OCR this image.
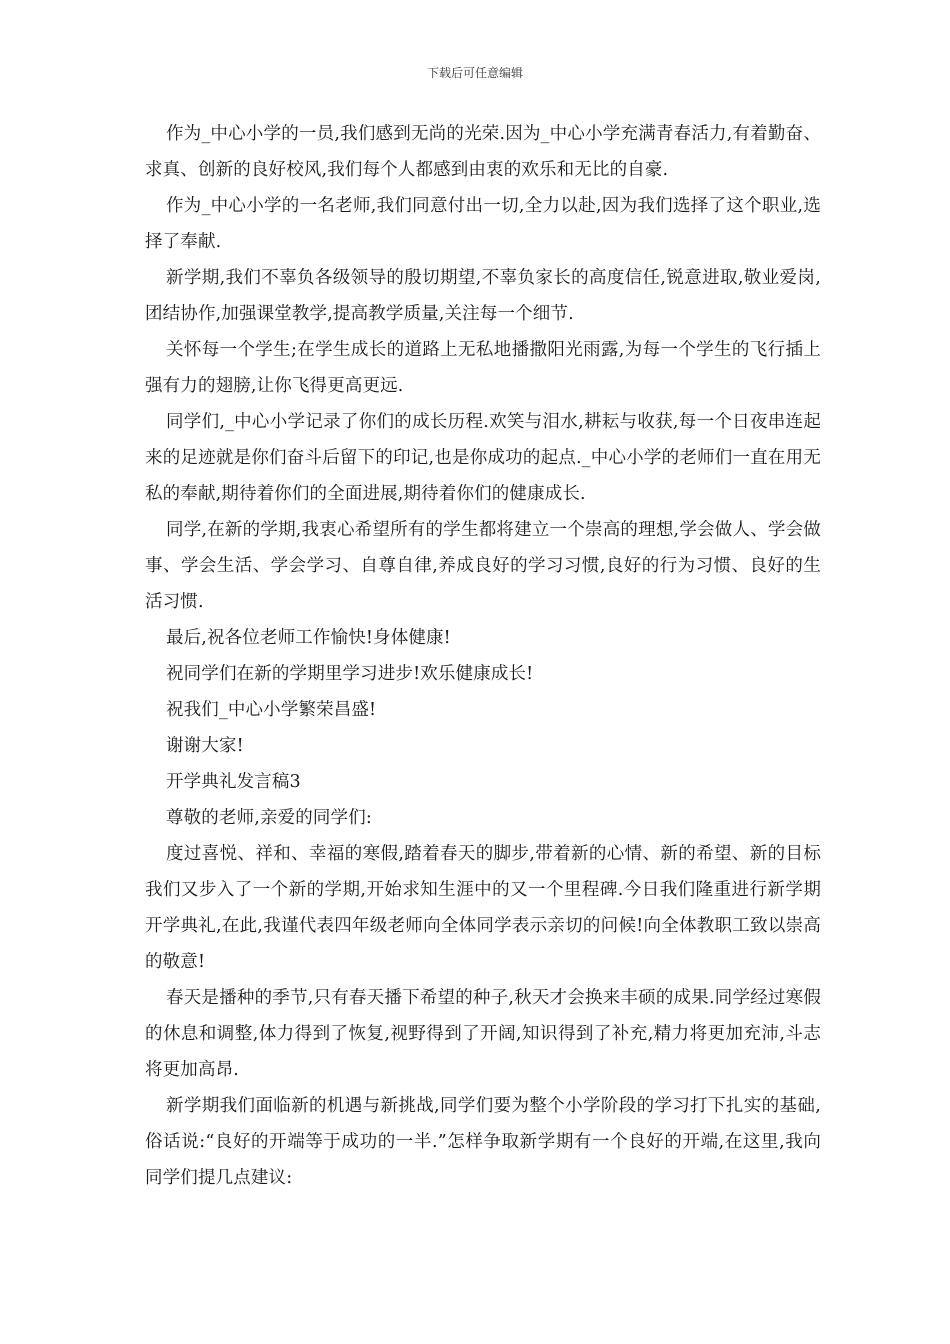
下载后可任意编辑

作为_中心小学的一员,我们感到无尚的光荣.因为_中心小学充满青春活力,有着勤奋、求真、创新的良好校风,我们每个人都感到由衷的欢乐和无比的自豪.

作为_中心小学的一名老师,我们同意付出一切,全力以赴,因为我们选择了这个职业,选择了奉献.

新学期,我们不辜负各级领导的殷切期望,不辜负家长的高度信任,锐意进取,敬业爱岗,团结协作,加强课堂教学,提高教学质量,关注每一个细节.

关怀每一个学生;在学生成长的道路上无私地播撒阳光雨露,为每一个学生的飞行插上强有力的翅膀,让你飞得更高更远.

同学们,_中心小学记录了你们的成长历程.欢笑与泪水,耕耘与收获,每一个日夜串连起来的足迹就是你们奋斗后留下的印记,也是你成功的起点._中心小学的老师们一直在用无私的奉献,期待着你们的全面进展,期待着你们的健康成长.

同学,在新的学期,我衷心希望所有的学生都将建立一个崇高的理想,学会做人、学会做事、学会生活、学会学习、自尊自律,养成良好的学习习惯,良好的行为习惯、良好的生活习惯.

最后,祝各位老师工作愉快!身体健康!

祝同学们在新的学期里学习进步!欢乐健康成长!

祝我们_中心小学繁荣昌盛!

谢谢大家!

开学典礼发言稿3

尊敬的老师,亲爱的同学们:

度过喜悦、祥和、幸福的寒假,踏着春天的脚步,带着新的心情、新的希望、新的目标我们又步入了一个新的学期,开始求知生涯中的又一个里程碑.今日我们隆重进行新学期开学典礼,在此,我谨代表四年级老师向全体同学表示亲切的问候!向全体教职工致以崇高的敬意!

春天是播种的季节,只有春天播下希望的种子,秋天才会换来丰硕的成果.同学经过寒假的休息和调整,体力得到了恢复,视野得到了开阔,知识得到了补充,精力将更加充沛,斗志将更加高昂.

新学期我们面临新的机遇与新挑战,同学们要为整个小学阶段的学习打下扎实的基础,俗话说:“良好的开端等于成功的一半.”怎样争取新学期有一个良好的开端,在这里,我向同学们提几点建议:
